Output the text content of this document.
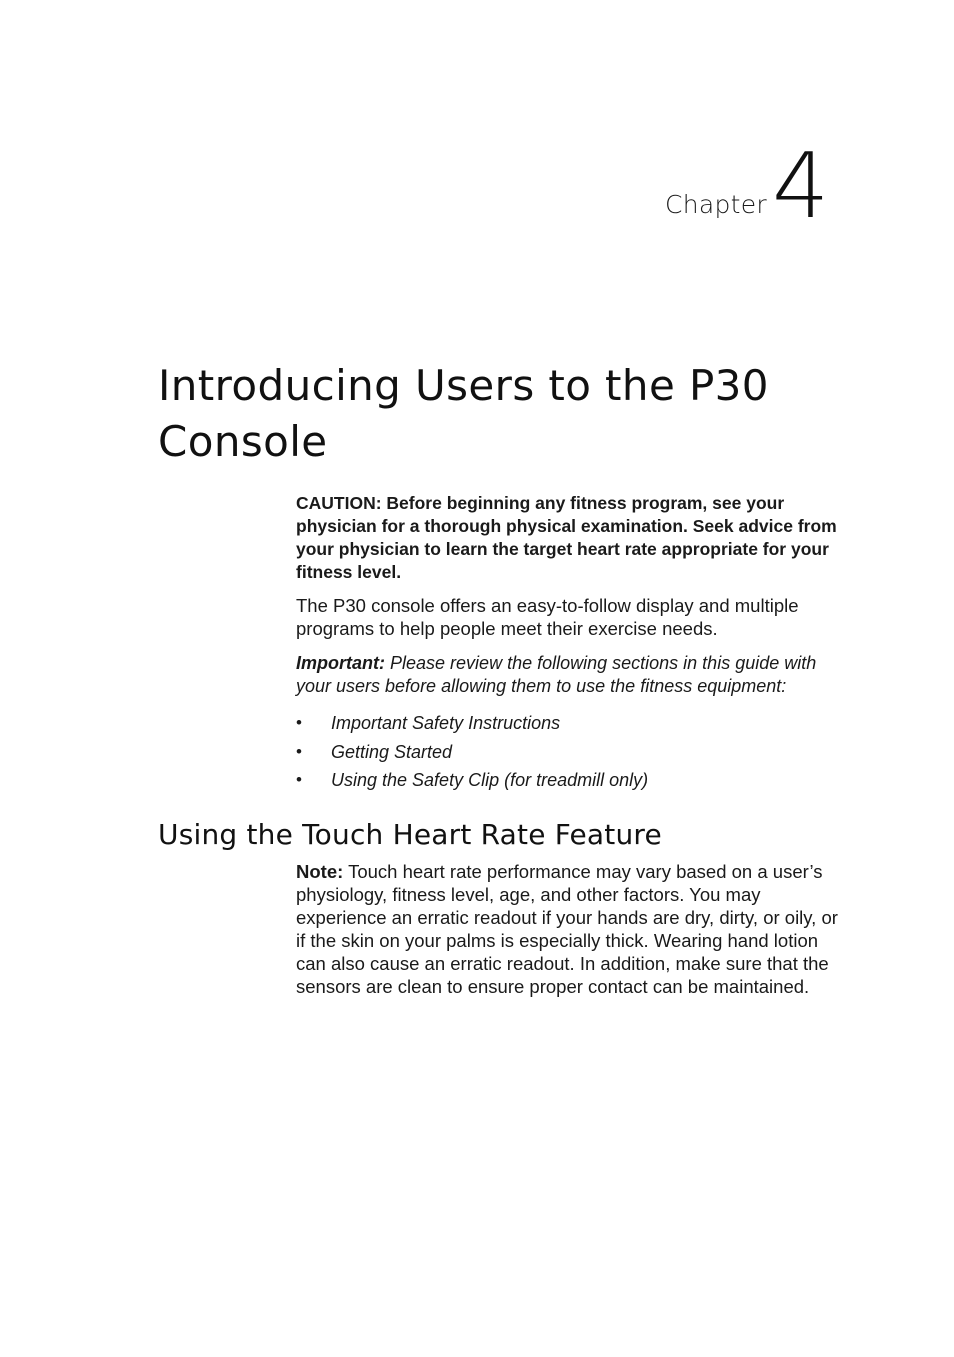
Chapter 4
Introducing Users to the P30 Console

CAUTION: Before beginning any fitness program, see your physician for a thorough physical examination. Seek advice from your physician to learn the target heart rate appropriate for your fitness level.

The P30 console offers an easy-to-follow display and multiple programs to help people meet their exercise needs.

Important: Please review the following sections in this guide with your users before allowing them to use the fitness equipment:

• Important Safety Instructions
• Getting Started
• Using the Safety Clip (for treadmill only)
Using the Touch Heart Rate Feature

Note: Touch heart rate performance may vary based on a user’s physiology, fitness level, age, and other factors. You may experience an erratic readout if your hands are dry, dirty, or oily, or if the skin on your palms is especially thick. Wearing hand lotion can also cause an erratic readout. In addition, make sure that the sensors are clean to ensure proper contact can be maintained.
